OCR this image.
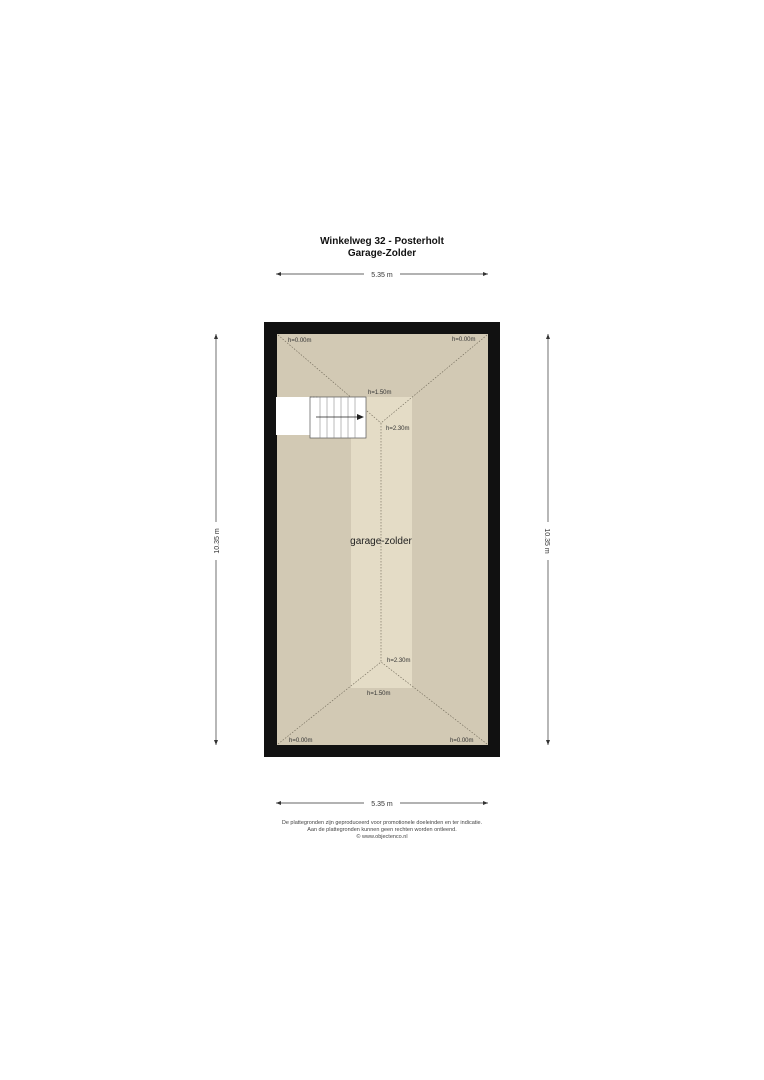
Winkelweg 32 - Posterholt
Garage-Zolder
5.35 m
5.35 m
10.35 m	10.35 m
h=0.00m	h=0.00m
h=1.50m
h=2.30m
h=2.30m
h=1.50m
h=0.00m	h=0.00m
garage-zolder
De plattegronden zijn geproduceerd voor promotionele doeleinden en ter indicatie.
Aan de plattegronden kunnen geen rechten worden ontleend.
© www.objectenco.nl
